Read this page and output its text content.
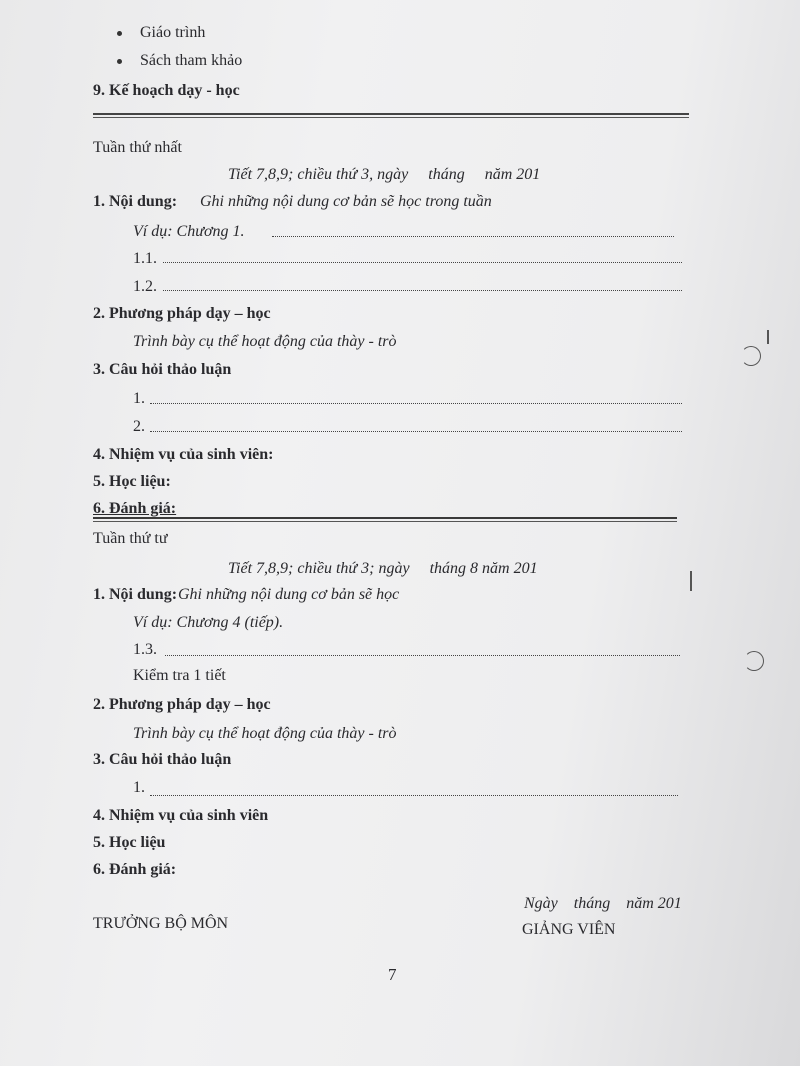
Giáo trình
Sách tham khảo
9. Kế hoạch dạy - học
Tuần thứ nhất
Tiết 7,8,9; chiều thứ 3, ngày     tháng     năm 201
1. Nội dung: Ghi những nội dung cơ bản sẽ học trong tuần
Ví dụ: Chương 1.
1.1.
1.2.
2. Phương pháp dạy – học
Trình bày cụ thể hoạt động của thày - trò
3. Câu hỏi thảo luận
1.
2.
4. Nhiệm vụ của sinh viên:
5. Học liệu:
6. Đánh giá:
Tuần thứ tư
Tiết 7,8,9; chiều thứ 3; ngày     tháng 8 năm 201
1. Nội dung: Ghi những nội dung cơ bản sẽ học
Ví dụ: Chương 4 (tiếp).
1.3.
Kiểm tra 1 tiết
2. Phương pháp dạy – học
Trình bày cụ thể hoạt động của thày - trò
3. Câu hỏi thảo luận
1.
4. Nhiệm vụ của sinh viên
5. Học liệu
6. Đánh giá:
Ngày    tháng    năm 201
TRƯỞNG BỘ MÔN	GIẢNG VIÊN
7
